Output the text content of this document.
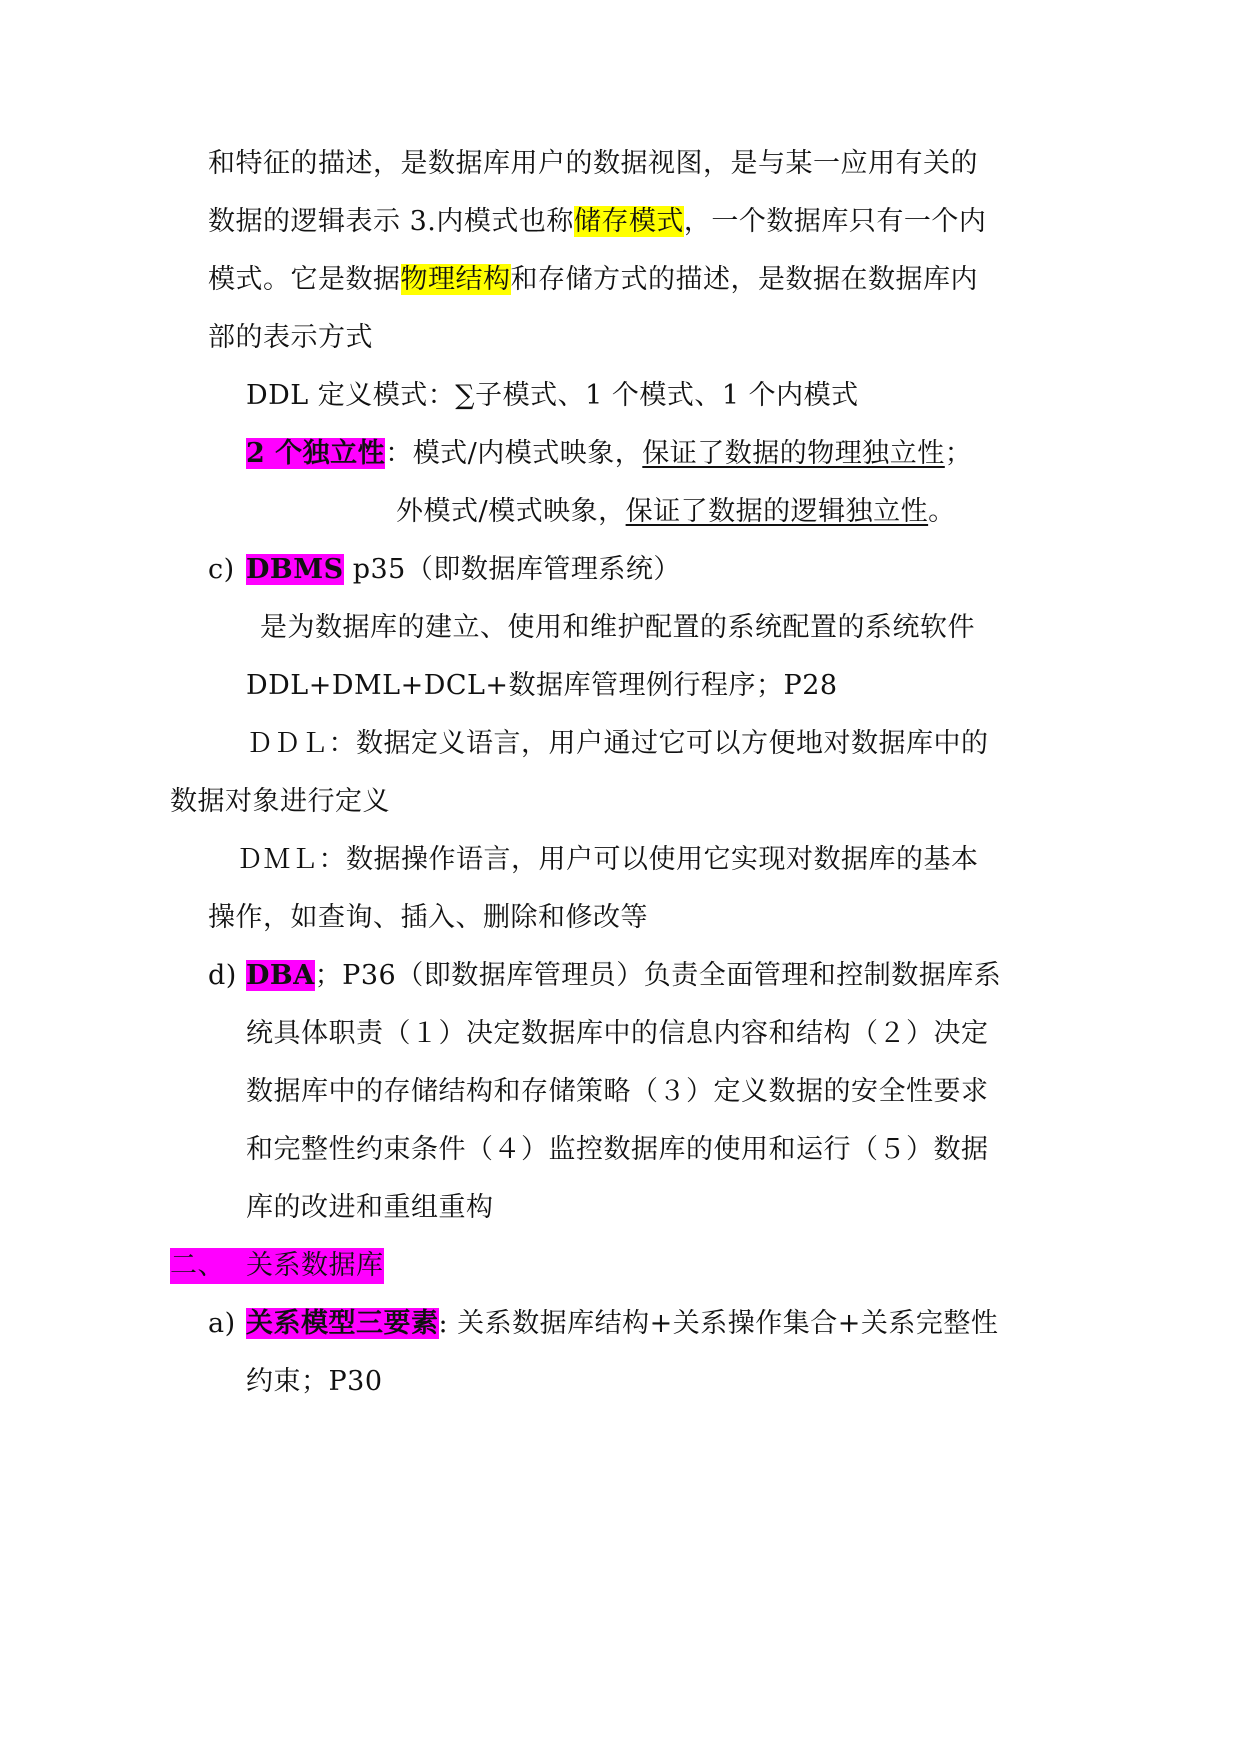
和特征的描述，是数据库用户的数据视图，是与某一应用有关的
数据的逻辑表示 3.内模式也称储存模式，一个数据库只有一个内
模式。它是数据物理结构和存储方式的描述，是数据在数据库内
部的表示方式
DDL 定义模式：∑子模式、1 个模式、1 个内模式
2 个独立性：模式/内模式映象，保证了数据的物理独立性；
外模式/模式映象，保证了数据的逻辑独立性。
c) DBMS p35（即数据库管理系统）
是为数据库的建立、使用和维护配置的系统配置的系统软件
DDL+DML+DCL+数据库管理例行程序；P28
ＤＤＬ：数据定义语言，用户通过它可以方便地对数据库中的
数据对象进行定义
ＤＭＬ：数据操作语言，用户可以使用它实现对数据库的基本
操作，如查询、插入、删除和修改等
d) DBA；P36（即数据库管理员）负责全面管理和控制数据库系
统具体职责（１）决定数据库中的信息内容和结构（２）决定
数据库中的存储结构和存储策略（３）定义数据的安全性要求
和完整性约束条件（４）监控数据库的使用和运行（５）数据
库的改进和重组重构
二、 关系数据库
a) 关系模型三要素: 关系数据库结构+关系操作集合+关系完整性
约束；P30
